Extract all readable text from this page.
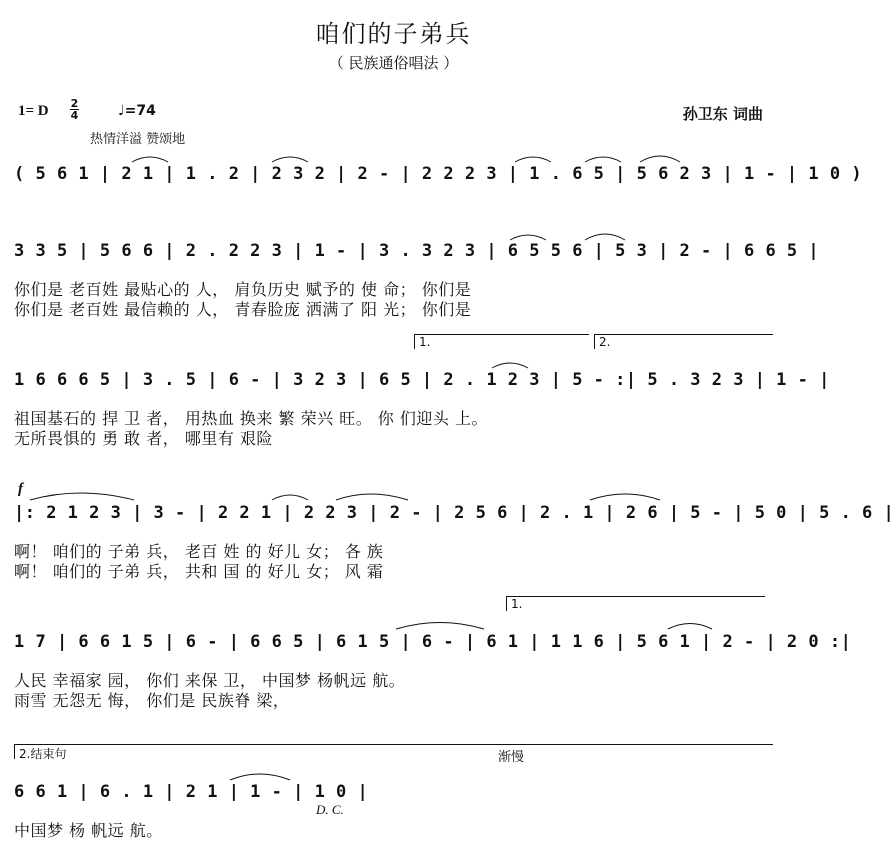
咱们的子弟兵
（ 民族通俗唱法 ）
1= D 2
4	♩=74
热情洋溢 赞颂地
孙卫东 词曲
( 5 6 1 | 2 1 | 1 . 2 | 2 3 2 | 2 - | 2 2 2 3 | 1 . 6 5 | 5 6 2 3 | 1 - | 1 0 )
3 3 5 | 5 6 6 | 2 . 2 2 3 | 1 - | 3 . 3 2 3 | 6 5 5 6 | 5 3 | 2 - | 6 6 5 |
你们是 老百姓 最贴心的 人， 肩负历史 赋予的 使 命； 你们是
你们是 老百姓 最信赖的 人， 青春脸庞 洒满了 阳 光； 你们是
1.	2.
1 6 6 6 5 | 3 . 5 | 6 - | 3 2 3 | 6 5 | 2 . 1 2 3 | 5 - :| 5 . 3 2 3 | 1 - |
祖国基石的 捍 卫 者， 用热血 换来 繁 荣兴 旺。 你 们迎头 上。
无所畏惧的 勇 敢 者， 哪里有 艰险
f
|: 2 1 2 3 | 3 - | 2 2 1 | 2 2 3 | 2 - | 2 5 6 | 2 . 1 | 2 6 | 5 - | 5 0 | 5 . 6 |
啊！ 咱们的 子弟 兵， 老百 姓 的 好儿 女； 各 族
啊！ 咱们的 子弟 兵， 共和 国 的 好儿 女； 风 霜
1.
1 7 | 6 6 1 5 | 6 - | 6 6 5 | 6 1 5 | 6 - | 6 1 | 1 1 6 | 5 6 1 | 2 - | 2 0 :|
人民 幸福家 园， 你们 来保 卫， 中国梦 杨帆远 航。
雨雪 无怨无 悔， 你们是 民族脊 梁，
2.结束句	渐慢
6 6 1 | 6 . 1 | 2 1 | 1 - | 1 0 |
D. C.
中国梦 杨 帆远 航。
